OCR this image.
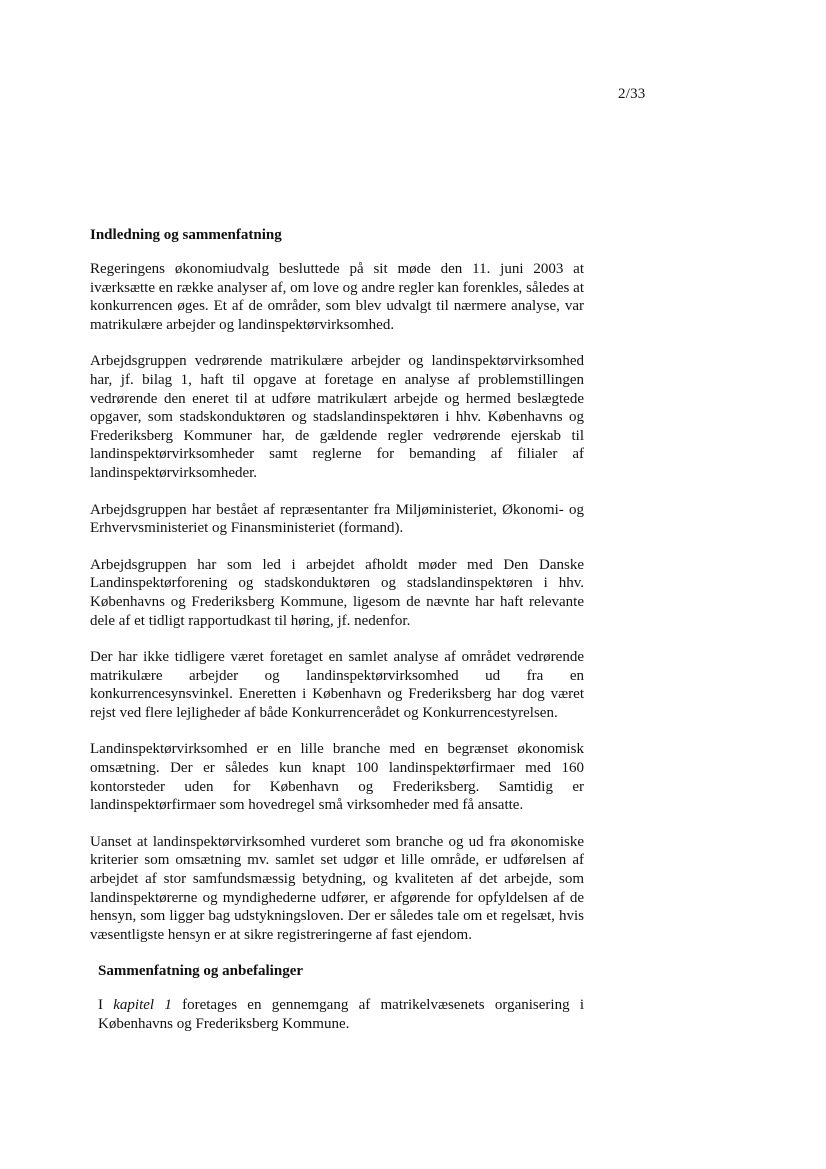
2/33
Indledning og sammenfatning

Regeringens økonomiudvalg besluttede på sit møde den 11. juni 2003 at iværksætte en række analyser af, om love og andre regler kan forenkles, således at konkurrencen øges. Et af de områder, som blev udvalgt til nærmere analyse, var matrikulære arbejder og landinspektørvirksomhed.

Arbejdsgruppen vedrørende matrikulære arbejder og landinspektørvirksomhed har, jf. bilag 1, haft til opgave at foretage en analyse af problemstillingen vedrørende den eneret til at udføre matrikulært arbejde og hermed beslægtede opgaver, som stadskonduktøren og stadslandinspektøren i hhv. Københavns og Frederiksberg Kommuner har, de gældende regler vedrørende ejerskab til landinspektørvirksomheder samt reglerne for bemanding af filialer af landinspektørvirksomheder.

Arbejdsgruppen har bestået af repræsentanter fra Miljøministeriet, Økonomi- og Erhvervsministeriet og Finansministeriet (formand).

Arbejdsgruppen har som led i arbejdet afholdt møder med Den Danske Landinspektørforening og stadskonduktøren og stadslandinspektøren i hhv. Københavns og Frederiksberg Kommune, ligesom de nævnte har haft relevante dele af et tidligt rapportudkast til høring, jf. nedenfor.

Der har ikke tidligere været foretaget en samlet analyse af området vedrørende matrikulære arbejder og landinspektørvirksomhed ud fra en konkurrencesynsvinkel. Eneretten i København og Frederiksberg har dog været rejst ved flere lejligheder af både Konkurrencerådet og Konkurrencestyrelsen.

Landinspektørvirksomhed er en lille branche med en begrænset økonomisk omsætning. Der er således kun knapt 100 landinspektørfirmaer med 160 kontorsteder uden for København og Frederiksberg. Samtidig er landinspektørfirmaer som hovedregel små virksomheder med få ansatte.

Uanset at landinspektørvirksomhed vurderet som branche og ud fra økonomiske kriterier som omsætning mv. samlet set udgør et lille område, er udførelsen af arbejdet af stor samfundsmæssig betydning, og kvaliteten af det arbejde, som landinspektørerne og myndighederne udfører, er afgørende for opfyldelsen af de hensyn, som ligger bag udstykningsloven. Der er således tale om et regelsæt, hvis væsentligste hensyn er at sikre registreringerne af fast ejendom.

Sammenfatning og anbefalinger

I kapitel 1 foretages en gennemgang af matrikelvæsenets organisering i Københavns og Frederiksberg Kommune.
